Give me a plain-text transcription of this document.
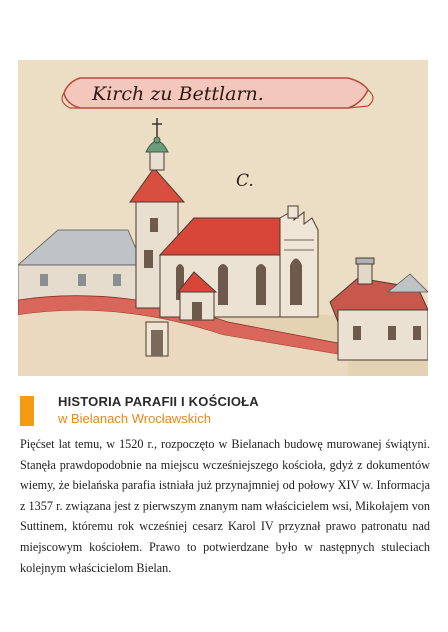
Kirch zu Bettlarn.
C.
HISTORIA PARAFII I KOŚCIOŁA
w Bielanach Wrocławskich

Pięćset lat temu, w 1520 r., rozpoczęto w Bielanach budowę murowanej świątyni. Stanęła prawdopodobnie na miejscu wcześniejszego kościoła, gdyż z dokumentów wiemy, że bielańska parafia istniała już przynajmniej od połowy XIV w. Informacja z 1357 r. związana jest z pierwszym znanym nam właścicielem wsi, Mikołajem von Suttinem, któremu rok wcześniej cesarz Karol IV przyznał prawo patronatu nad miejscowym kościołem. Prawo to potwierdzane było w następnych stuleciach kolejnym właścicielom Bielan.
